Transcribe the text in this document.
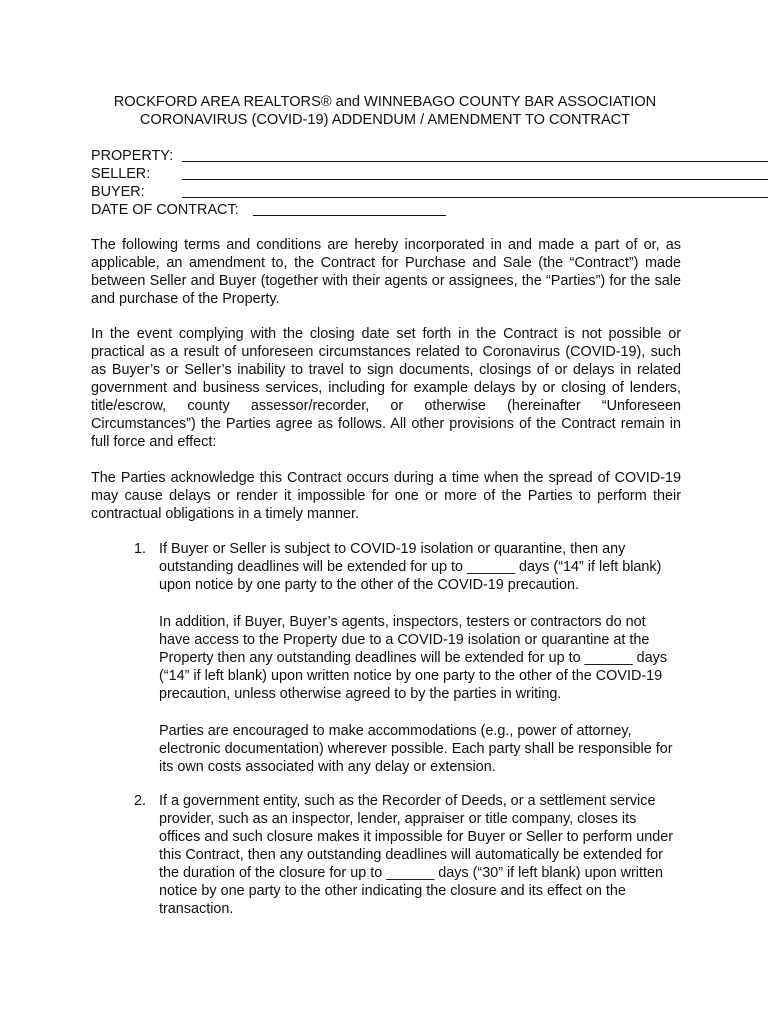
ROCKFORD AREA REALTORS® and WINNEBAGO COUNTY BAR ASSOCIATION
CORONAVIRUS (COVID-19) ADDENDUM / AMENDMENT TO CONTRACT
PROPERTY:
SELLER:
BUYER:
DATE OF CONTRACT:
The following terms and conditions are hereby incorporated in and made a part of or, as applicable, an amendment to, the Contract for Purchase and Sale (the “Contract”) made between Seller and Buyer (together with their agents or assignees, the “Parties”) for the sale and purchase of the Property.
In the event complying with the closing date set forth in the Contract is not possible or practical as a result of unforeseen circumstances related to Coronavirus (COVID-19), such as Buyer’s or Seller’s inability to travel to sign documents, closings of or delays in related government and business services, including for example delays by or closing of lenders, title/escrow, county assessor/recorder, or otherwise (hereinafter “Unforeseen Circumstances”) the Parties agree as follows. All other provisions of the Contract remain in full force and effect:
The Parties acknowledge this Contract occurs during a time when the spread of COVID-19 may cause delays or render it impossible for one or more of the Parties to perform their contractual obligations in a timely manner.
1. If Buyer or Seller is subject to COVID-19 isolation or quarantine, then any outstanding deadlines will be extended for up to ______ days (“14” if left blank) upon notice by one party to the other of the COVID-19 precaution.
In addition, if Buyer, Buyer’s agents, inspectors, testers or contractors do not have access to the Property due to a COVID-19 isolation or quarantine at the Property then any outstanding deadlines will be extended for up to ______ days (“14” if left blank) upon written notice by one party to the other of the COVID-19 precaution, unless otherwise agreed to by the parties in writing.
Parties are encouraged to make accommodations (e.g., power of attorney, electronic documentation) wherever possible. Each party shall be responsible for its own costs associated with any delay or extension.
2. If a government entity, such as the Recorder of Deeds, or a settlement service provider, such as an inspector, lender, appraiser or title company, closes its offices and such closure makes it impossible for Buyer or Seller to perform under this Contract, then any outstanding deadlines will automatically be extended for the duration of the closure for up to ______ days (“30” if left blank) upon written notice by one party to the other indicating the closure and its effect on the transaction.
